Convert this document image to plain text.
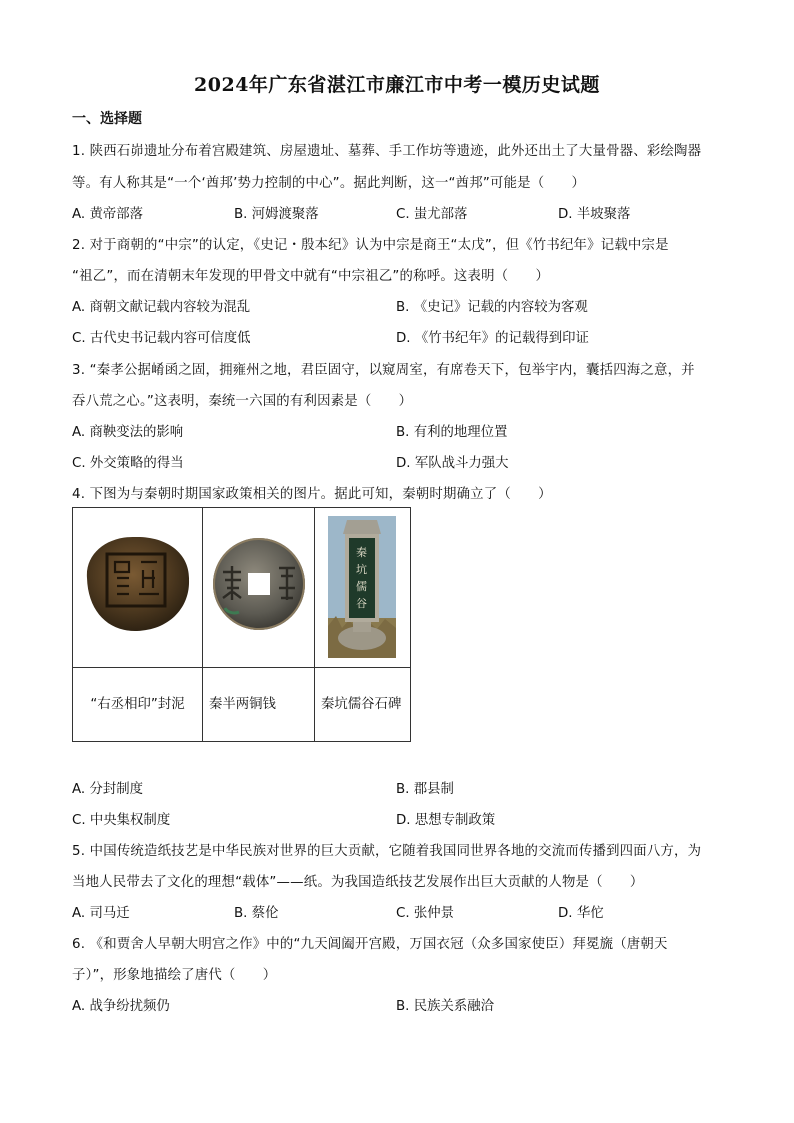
2024年广东省湛江市廉江市中考一模历史试题
一、选择题
1. 陕西石峁遗址分布着宫殿建筑、房屋遗址、墓葬、手工作坊等遗迹，此外还出土了大量骨器、彩绘陶器
等。有人称其是“一个‘酋邦’势力控制的中心”。据此判断，这一“酋邦”可能是（　　）
A. 黄帝部落	B. 河姆渡聚落	C. 蚩尤部落	D. 半坡聚落
2. 对于商朝的“中宗”的认定，《史记・殷本纪》认为中宗是商王“太戊”，但《竹书纪年》记载中宗是
“祖乙”，而在清朝末年发现的甲骨文中就有“中宗祖乙”的称呼。这表明（　　）
A. 商朝文献记载内容较为混乱	B. 《史记》记载的内容较为客观
C. 古代史书记载内容可信度低	D. 《竹书纪年》的记载得到印证
3. “秦孝公据崤函之固，拥雍州之地，君臣固守，以窥周室，有席卷天下，包举宇内，囊括四海之意，并
吞八荒之心。”这表明，秦统一六国的有利因素是（　　）
A. 商鞅变法的影响	B. 有利的地理位置
C. 外交策略的得当	D. 军队战斗力强大
4. 下图为与秦朝时期国家政策相关的图片。据此可知，秦朝时期确立了（　　）

秦坑儒谷

“右丞相印”封泥	秦半两铜钱	秦坑儒谷石碑
A. 分封制度	B. 郡县制
C. 中央集权制度	D. 思想专制政策
5. 中国传统造纸技艺是中华民族对世界的巨大贡献，它随着我国同世界各地的交流而传播到四面八方，为
当地人民带去了文化的理想“载体”——纸。为我国造纸技艺发展作出巨大贡献的人物是（　　）
A. 司马迁	B. 蔡伦	C. 张仲景	D. 华佗
6. 《和贾舍人早朝大明宫之作》中的“九天阊阖开宫殿，万国衣冠（众多国家使臣）拜冕旒（唐朝天
子）”，形象地描绘了唐代（　　）
A. 战争纷扰频仍	B. 民族关系融洽
